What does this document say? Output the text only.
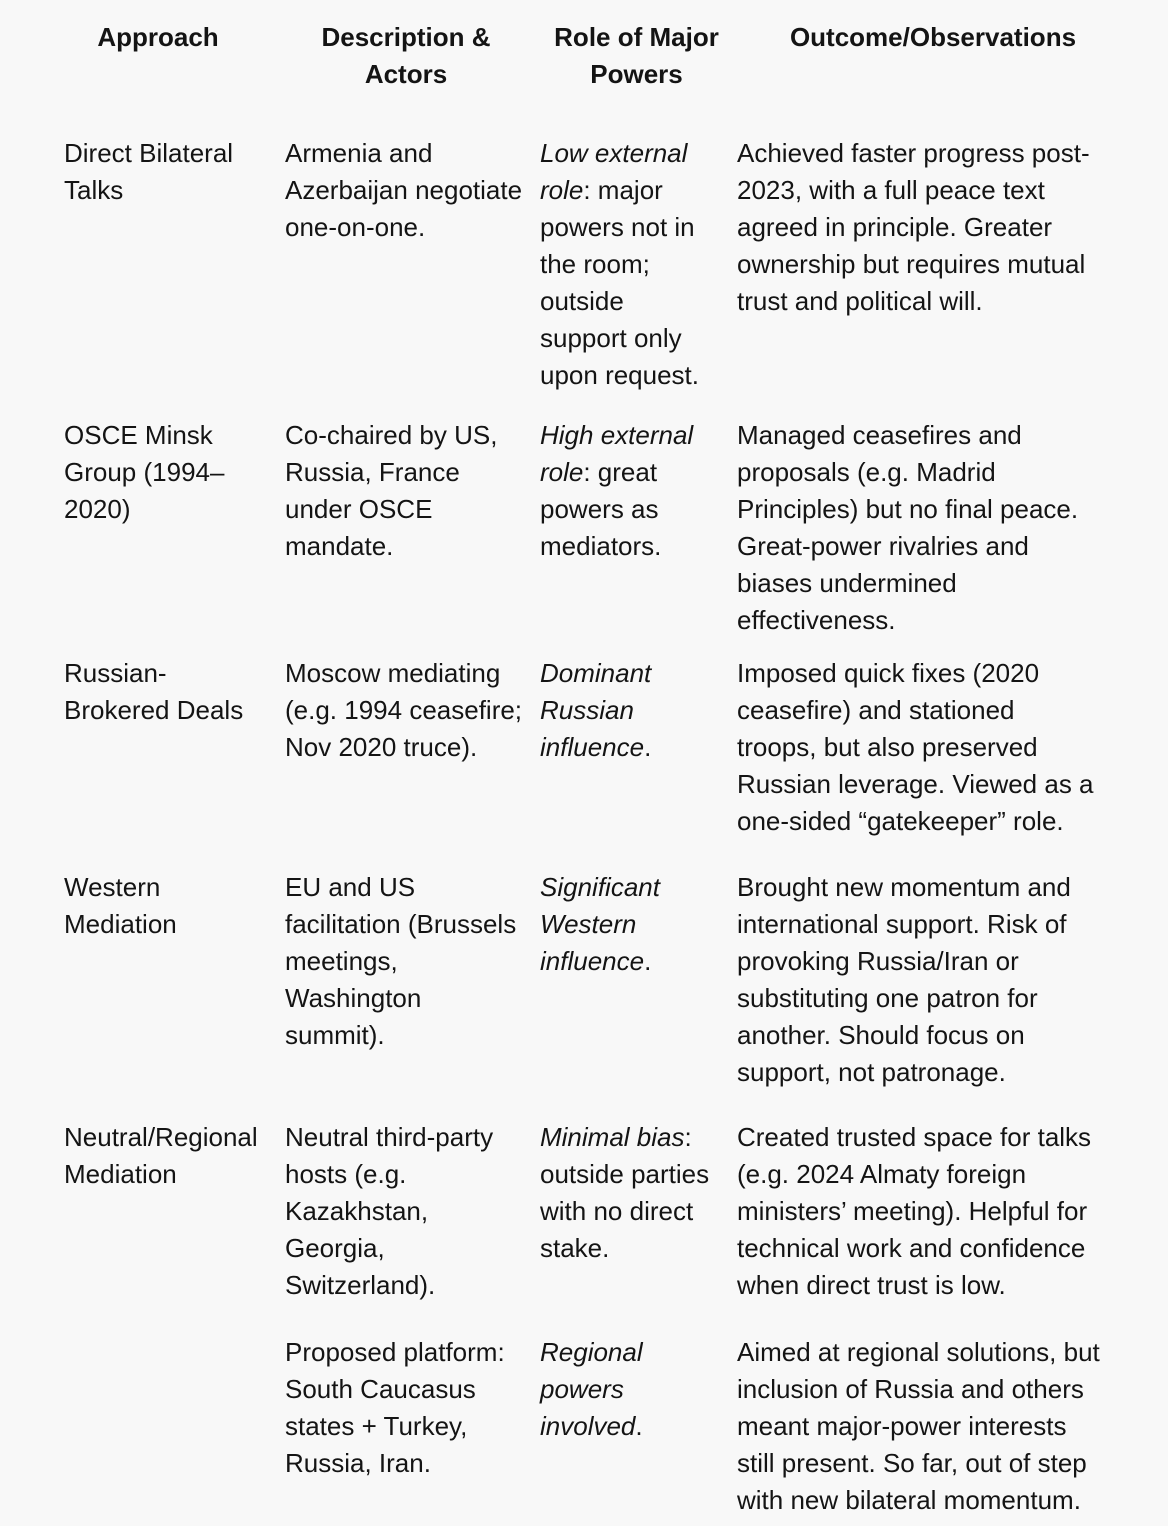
Approach	Description & Actors
Role of Major Powers
Outcome/Observations
Direct Bilateral Talks
Armenia and Azerbaijan negotiate one-on-one.
Low external role: major powers not in the room; outside support only upon request.
Achieved faster progress post-2023, with a full peace text agreed in principle. Greater ownership but requires mutual trust and political will.
OSCE Minsk Group (1994–2020)
Co-chaired by US, Russia, France under OSCE mandate.
High external role: great powers as mediators.
Managed ceasefires and proposals (e.g. Madrid Principles) but no final peace. Great-power rivalries and biases undermined effectiveness.
Russian-Brokered Deals
Moscow mediating (e.g. 1994 ceasefire; Nov 2020 truce).
Dominant Russian influence.
Imposed quick fixes (2020 ceasefire) and stationed troops, but also preserved Russian leverage. Viewed as a one-sided “gatekeeper” role.
Western Mediation
EU and US facilitation (Brussels meetings, Washington summit).
Significant Western influence.
Brought new momentum and international support. Risk of provoking Russia/Iran or substituting one patron for another. Should focus on support, not patronage.
Neutral/Regional Mediation
Neutral third-party hosts (e.g. Kazakhstan, Georgia, Switzerland).
Minimal bias: outside parties with no direct stake.
Created trusted space for talks (e.g. 2024 Almaty foreign ministers’ meeting). Helpful for technical work and confidence when direct trust is low.
Proposed platform: South Caucasus states + Turkey, Russia, Iran.
Regional powers involved.
Aimed at regional solutions, but inclusion of Russia and others meant major-power interests still present. So far, out of step with new bilateral momentum.
